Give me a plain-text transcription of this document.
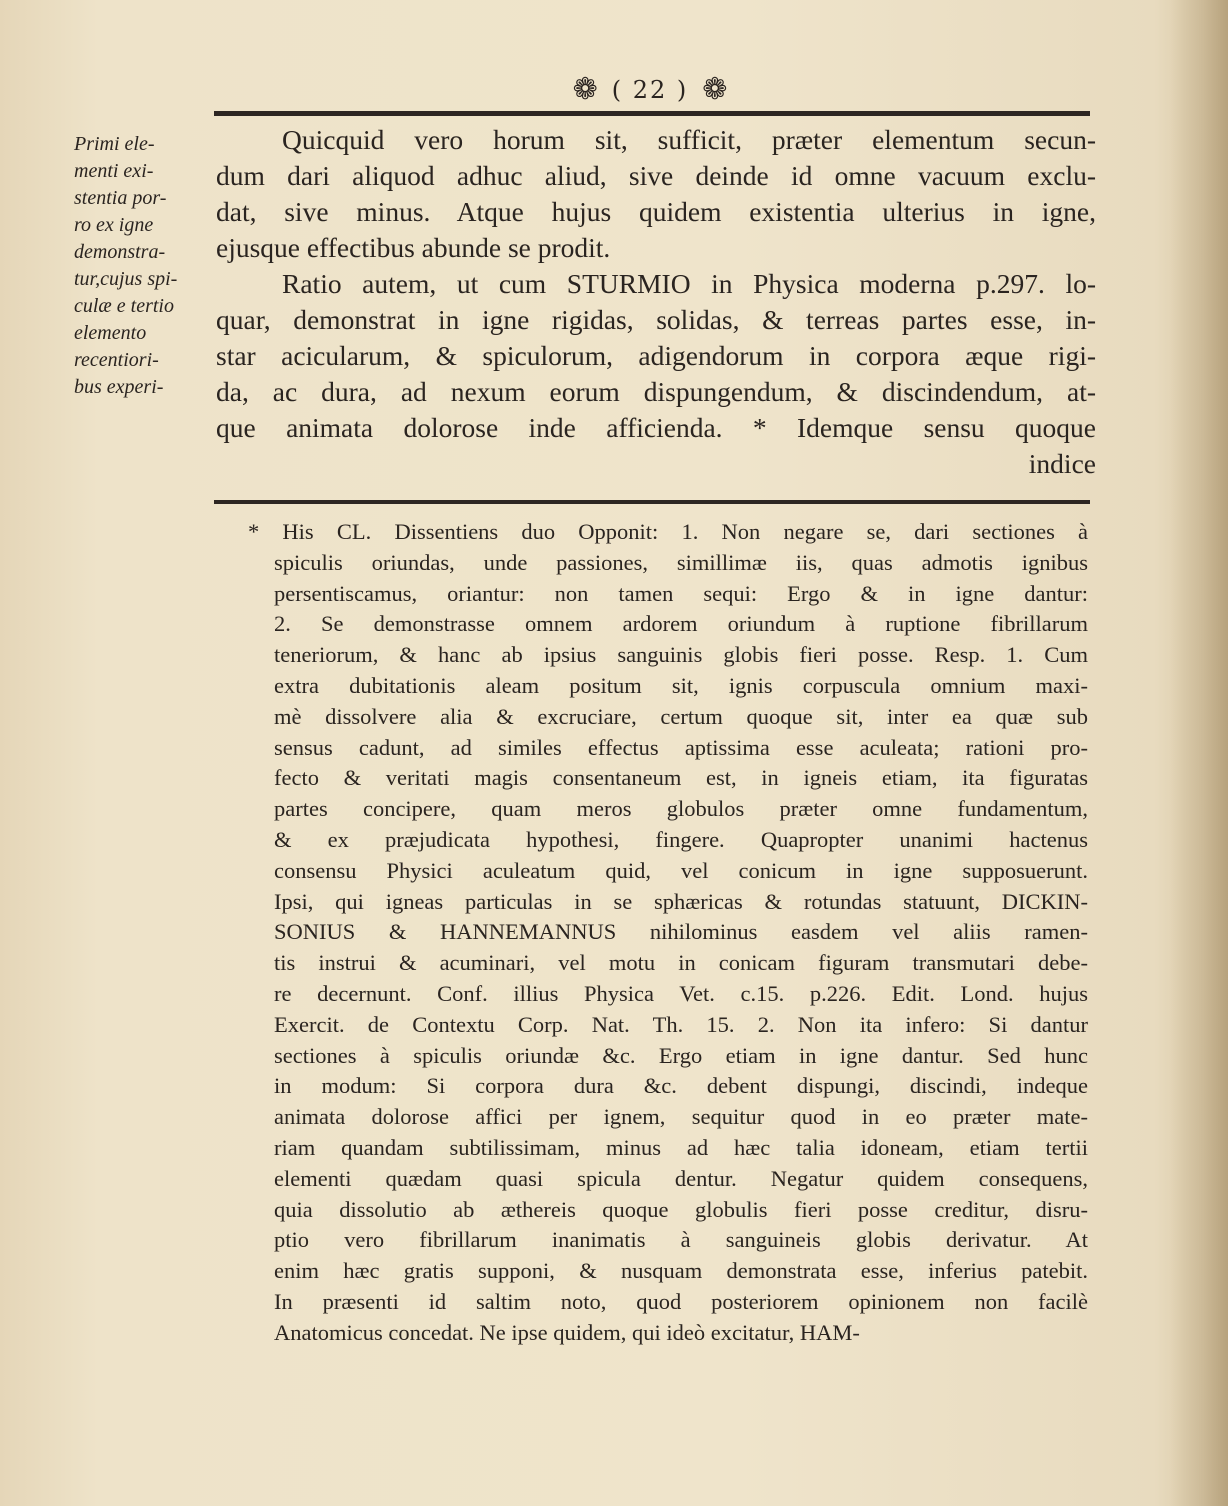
❁ ( 22 ) ❁
Primi ele-
menti exi-
stentia por-
ro ex igne
demonstra-
tur,cujus spi-
culæ e tertio
elemento
recentiori-
bus experi-
Quicquid vero horum sit, sufficit, præter elementum secun-
dum dari aliquod adhuc aliud, sive deinde id omne vacuum exclu-
dat, sive minus. Atque hujus quidem existentia ulterius in igne,
ejusque effectibus abunde se prodit.
Ratio autem, ut cum STURMIO in Physica moderna p.297. lo-
quar, demonstrat in igne rigidas, solidas, & terreas partes esse, in-
star acicularum, & spiculorum, adigendorum in corpora æque rigi-
da, ac dura, ad nexum eorum dispungendum, & discindendum, at-
que animata dolorose inde afficienda. * Idemque sensu quoque
indice
* His CL. Dissentiens duo Opponit: 1. Non negare se, dari sectiones à
spiculis oriundas, unde passiones, simillimæ iis, quas admotis ignibus
persentiscamus, oriantur: non tamen sequi: Ergo & in igne dantur:
2. Se demonstrasse omnem ardorem oriundum à ruptione fibrillarum
teneriorum, & hanc ab ipsius sanguinis globis fieri posse. Resp. 1. Cum
extra dubitationis aleam positum sit, ignis corpuscula omnium maxi-
mè dissolvere alia & excruciare, certum quoque sit, inter ea quæ sub
sensus cadunt, ad similes effectus aptissima esse aculeata; rationi pro-
fecto & veritati magis consentaneum est, in igneis etiam, ita figuratas
partes concipere, quam meros globulos præter omne fundamentum,
& ex præjudicata hypothesi, fingere. Quapropter unanimi hactenus
consensu Physici aculeatum quid, vel conicum in igne supposuerunt.
Ipsi, qui igneas particulas in se sphæricas & rotundas statuunt, DICKIN-
SONIUS & HANNEMANNUS nihilominus easdem vel aliis ramen-
tis instrui & acuminari, vel motu in conicam figuram transmutari debe-
re decernunt. Conf. illius Physica Vet. c.15. p.226. Edit. Lond. hujus
Exercit. de Contextu Corp. Nat. Th. 15. 2. Non ita infero: Si dantur
sectiones à spiculis oriundæ &c. Ergo etiam in igne dantur. Sed hunc
in modum: Si corpora dura &c. debent dispungi, discindi, indeque
animata dolorose affici per ignem, sequitur quod in eo præter mate-
riam quandam subtilissimam, minus ad hæc talia idoneam, etiam tertii
elementi quædam quasi spicula dentur. Negatur quidem consequens,
quia dissolutio ab æthereis quoque globulis fieri posse creditur, disru-
ptio vero fibrillarum inanimatis à sanguineis globis derivatur. At
enim hæc gratis supponi, & nusquam demonstrata esse, inferius patebit.
In præsenti id saltim noto, quod posteriorem opinionem non facilè
Anatomicus concedat. Ne ipse quidem, qui ideò excitatur, HAM-
